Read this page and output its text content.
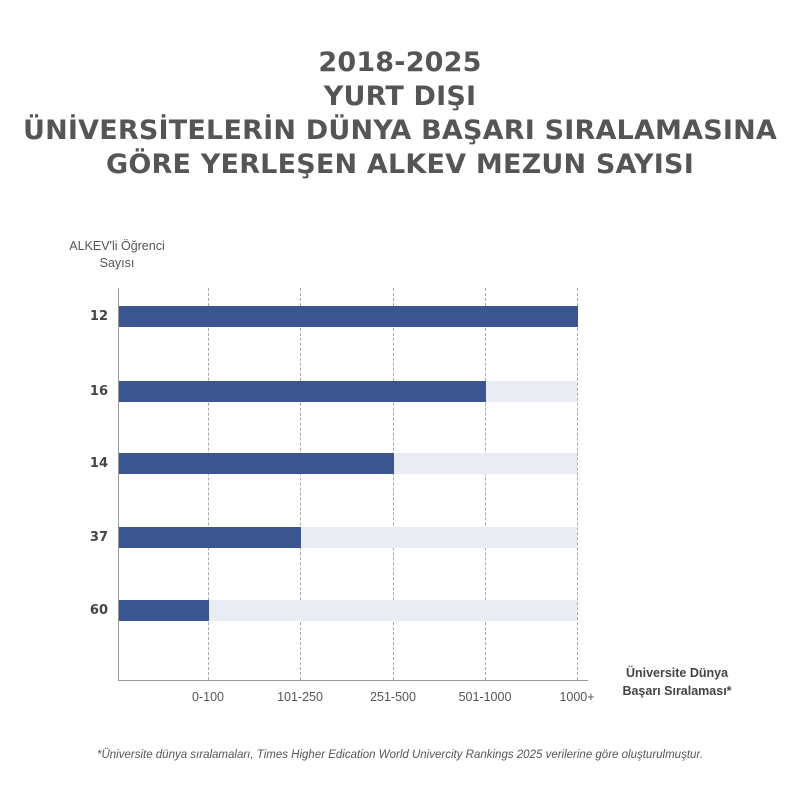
2018-2025
YURT DIŞI
ÜNİVERSİTELERİN DÜNYA BAŞARI SIRALAMASINA
GÖRE YERLEŞEN ALKEV MEZUN SAYISI
ALKEV'li Öğrenci
Sayısı
12
16
14
37
60
0-100	101-250	251-500	501-1000	1000+
Üniversite Dünya
Başarı Sıralaması*
*Üniversite dünya sıralamaları, Times Higher Edication World Univercity Rankings 2025 verilerine göre oluşturulmuştur.
